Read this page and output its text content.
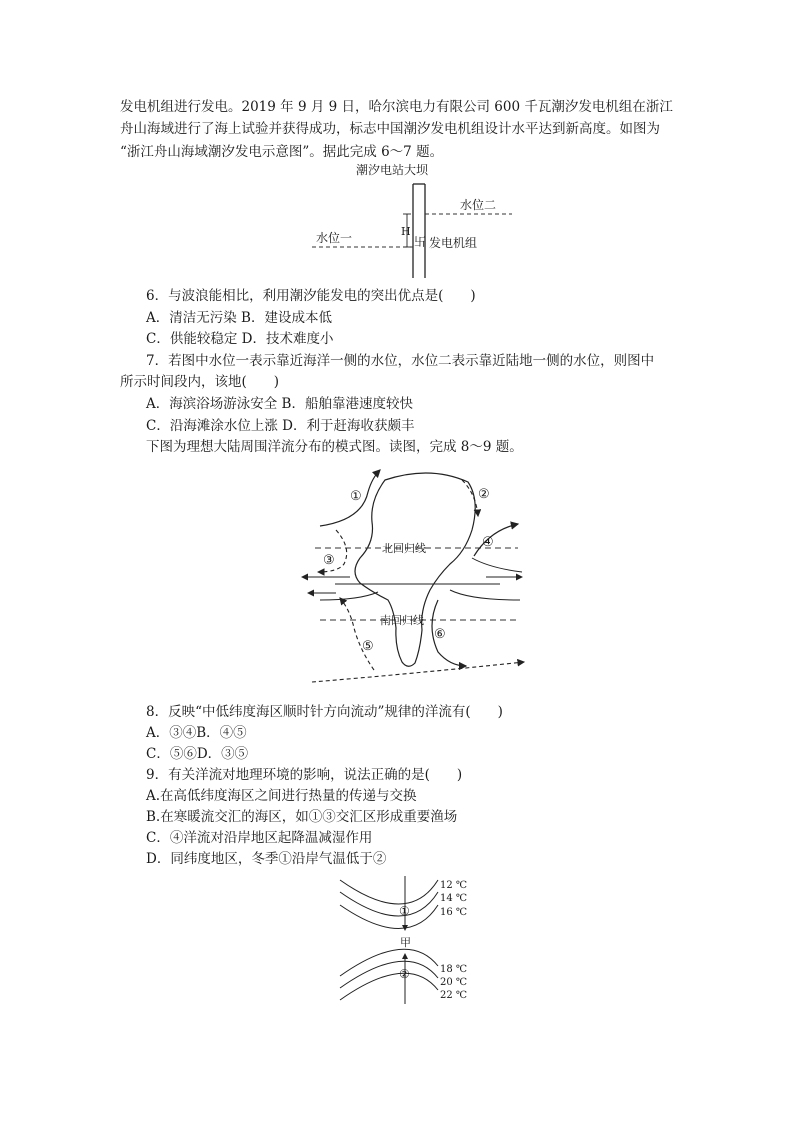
发电机组进行发电。2019 年 9 月 9 日，哈尔滨电力有限公司 600 千瓦潮汐发电机组在浙江
舟山海域进行了海上试验并获得成功，标志中国潮汐发电机组设计水平达到新高度。如图为
“浙江舟山海域潮汐发电示意图”。据此完成 6～7 题。
潮汐电站大坝
水位二
水位一	H
卐 发电机组
6．与波浪能相比，利用潮汐能发电的突出优点是(　　)
A．清洁无污染 B．建设成本低
C．供能较稳定 D．技术难度小
7．若图中水位一表示靠近海洋一侧的水位，水位二表示靠近陆地一侧的水位，则图中
所示时间段内，该地(　　)
A．海滨浴场游泳安全 B．船舶靠港速度较快
C．沿海滩涂水位上涨 D．利于赶海收获颇丰
下图为理想大陆周围洋流分布的模式图。读图，完成 8～9 题。
北回归线
南回归线
①	②
④
③
⑤
⑥
8．反映“中低纬度海区顺时针方向流动”规律的洋流有(　　)
A．③④B．④⑤
C．⑤⑥D．③⑤
9．有关洋流对地理环境的影响，说法正确的是(　　)
A.在高低纬度海区之间进行热量的传递与交换
B.在寒暖流交汇的海区，如①③交汇区形成重要渔场
C．④洋流对沿岸地区起降温减湿作用
D．同纬度地区，冬季①沿岸气温低于②
12 ℃
14 ℃
16 ℃
①
甲
18 ℃
20 ℃
22 ℃
②
